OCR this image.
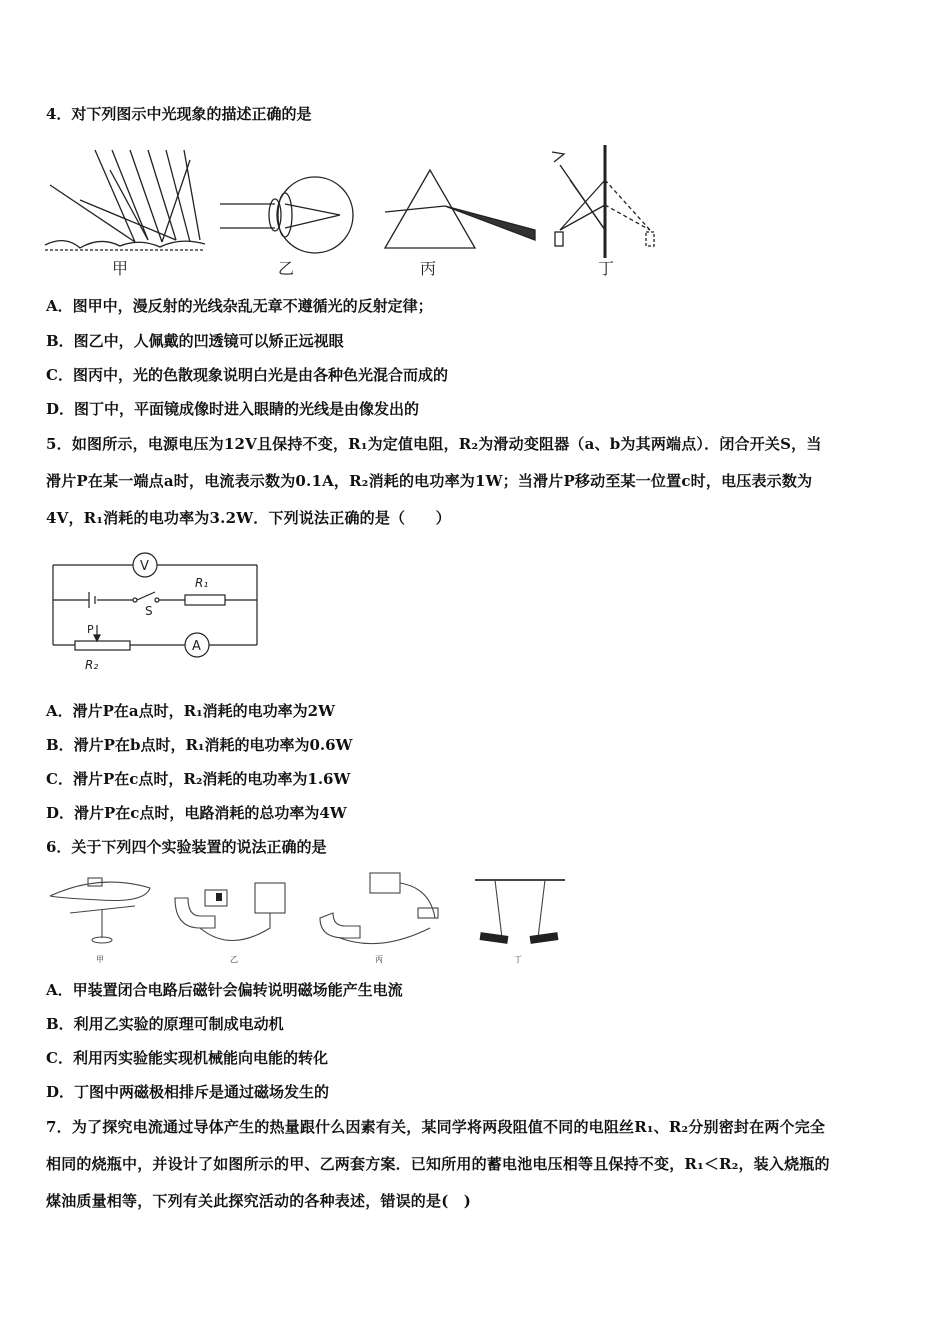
4．对下列图示中光现象的描述正确的是
甲	乙	丙	丁
A．图甲中，漫反射的光线杂乱无章不遵循光的反射定律；
B．图乙中，人佩戴的凹透镜可以矫正远视眼
C．图丙中，光的色散现象说明白光是由各种色光混合而成的
D．图丁中，平面镜成像时进入眼睛的光线是由像发出的
5．如图所示，电源电压为12V且保持不变，R₁为定值电阻，R₂为滑动变阻器（a、b为其两端点）．闭合开关S，当
滑片P在某一端点a时，电流表示数为0.1A，R₂消耗的电功率为1W；当滑片P移动至某一位置c时，电压表示数为
4V，R₁消耗的电功率为3.2W．下列说法正确的是（　　）
V
A
S
R₁
R₂
P
A．滑片P在a点时，R₁消耗的电功率为2W
B．滑片P在b点时，R₁消耗的电功率为0.6W
C．滑片P在c点时，R₂消耗的电功率为1.6W
D．滑片P在c点时，电路消耗的总功率为4W
6．关于下列四个实验装置的说法正确的是
甲	乙	丙	丁
A．甲装置闭合电路后磁针会偏转说明磁场能产生电流
B．利用乙实验的原理可制成电动机
C．利用丙实验能实现机械能向电能的转化
D．丁图中两磁极相排斥是通过磁场发生的
7．为了探究电流通过导体产生的热量跟什么因素有关，某同学将两段阻值不同的电阻丝R₁、R₂分别密封在两个完全
相同的烧瓶中，并设计了如图所示的甲、乙两套方案．已知所用的蓄电池电压相等且保持不变，R₁＜R₂，装入烧瓶的
煤油质量相等，下列有关此探究活动的各种表述，错误的是(　)
